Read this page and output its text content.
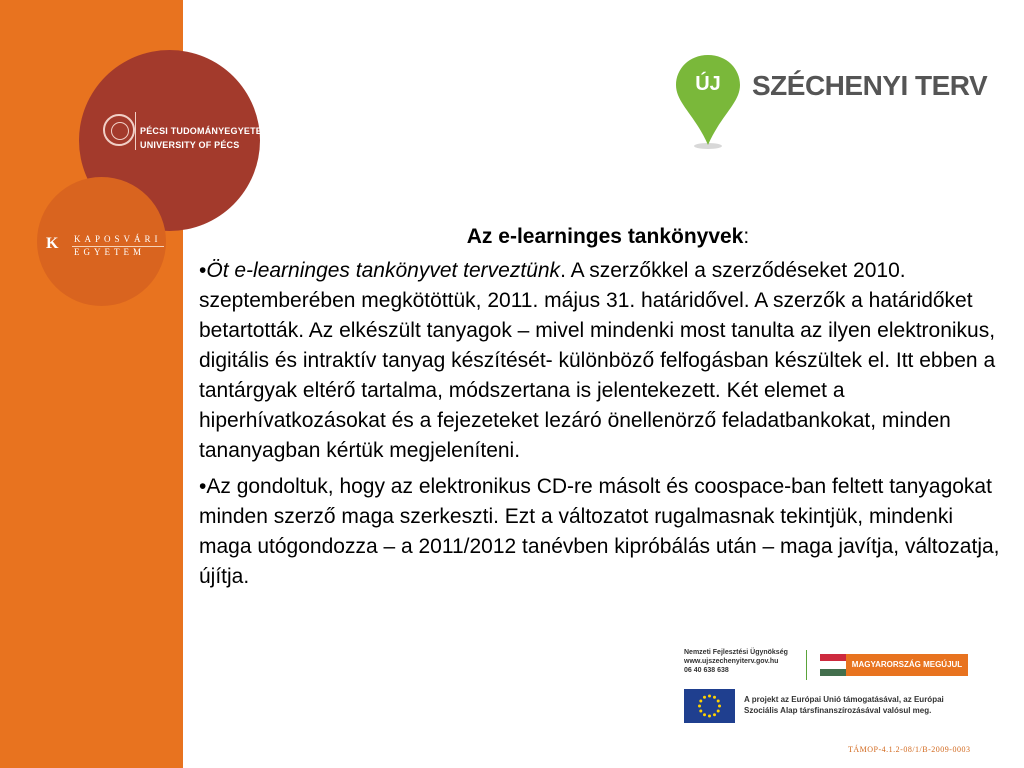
PÉCSI TUDOMÁNYEGYETEM
UNIVERSITY OF PÉCS
K KAPOSVÁRI
EGYETEM
ÚJ	SZÉCHENYI TERV

Az e-learninges tankönyvek:

•Öt e-learninges tankönyvet terveztünk. A szerzőkkel a szerződéseket 2010. szeptemberében megkötöttük, 2011. május 31. határidővel. A szerzők a határidőket betartották. Az elkészült tanyagok – mivel mindenki most tanulta az ilyen elektronikus, digitális és intraktív tanyag készítését- különböző felfogásban készültek el. Itt ebben a tantárgyak eltérő tartalma, módszertana is jelentekezett. Két elemet a hiperhívatkozásokat és a fejezeteket lezáró önellenörző feladatbankokat, minden tananyagban kértük megjeleníteni.

•Az gondoltuk, hogy az elektronikus CD-re másolt és coospace-ban feltett tanyagokat minden szerző maga szerkeszti. Ezt a változatot rugalmasnak tekintjük, mindenki maga utógondozza – a 2011/2012 tanévben kipróbálás után – maga javítja, változatja, újítja.

Nemzeti Fejlesztési Ügynökség
www.ujszechenyiterv.gov.hu
06 40 638 638
MAGYARORSZÁG MEGÚJUL
A projekt az Európai Unió támogatásával, az Európai
Szociális Alap társfinanszírozásával valósul meg.
TÁMOP-4.1.2-08/1/B-2009-0003
